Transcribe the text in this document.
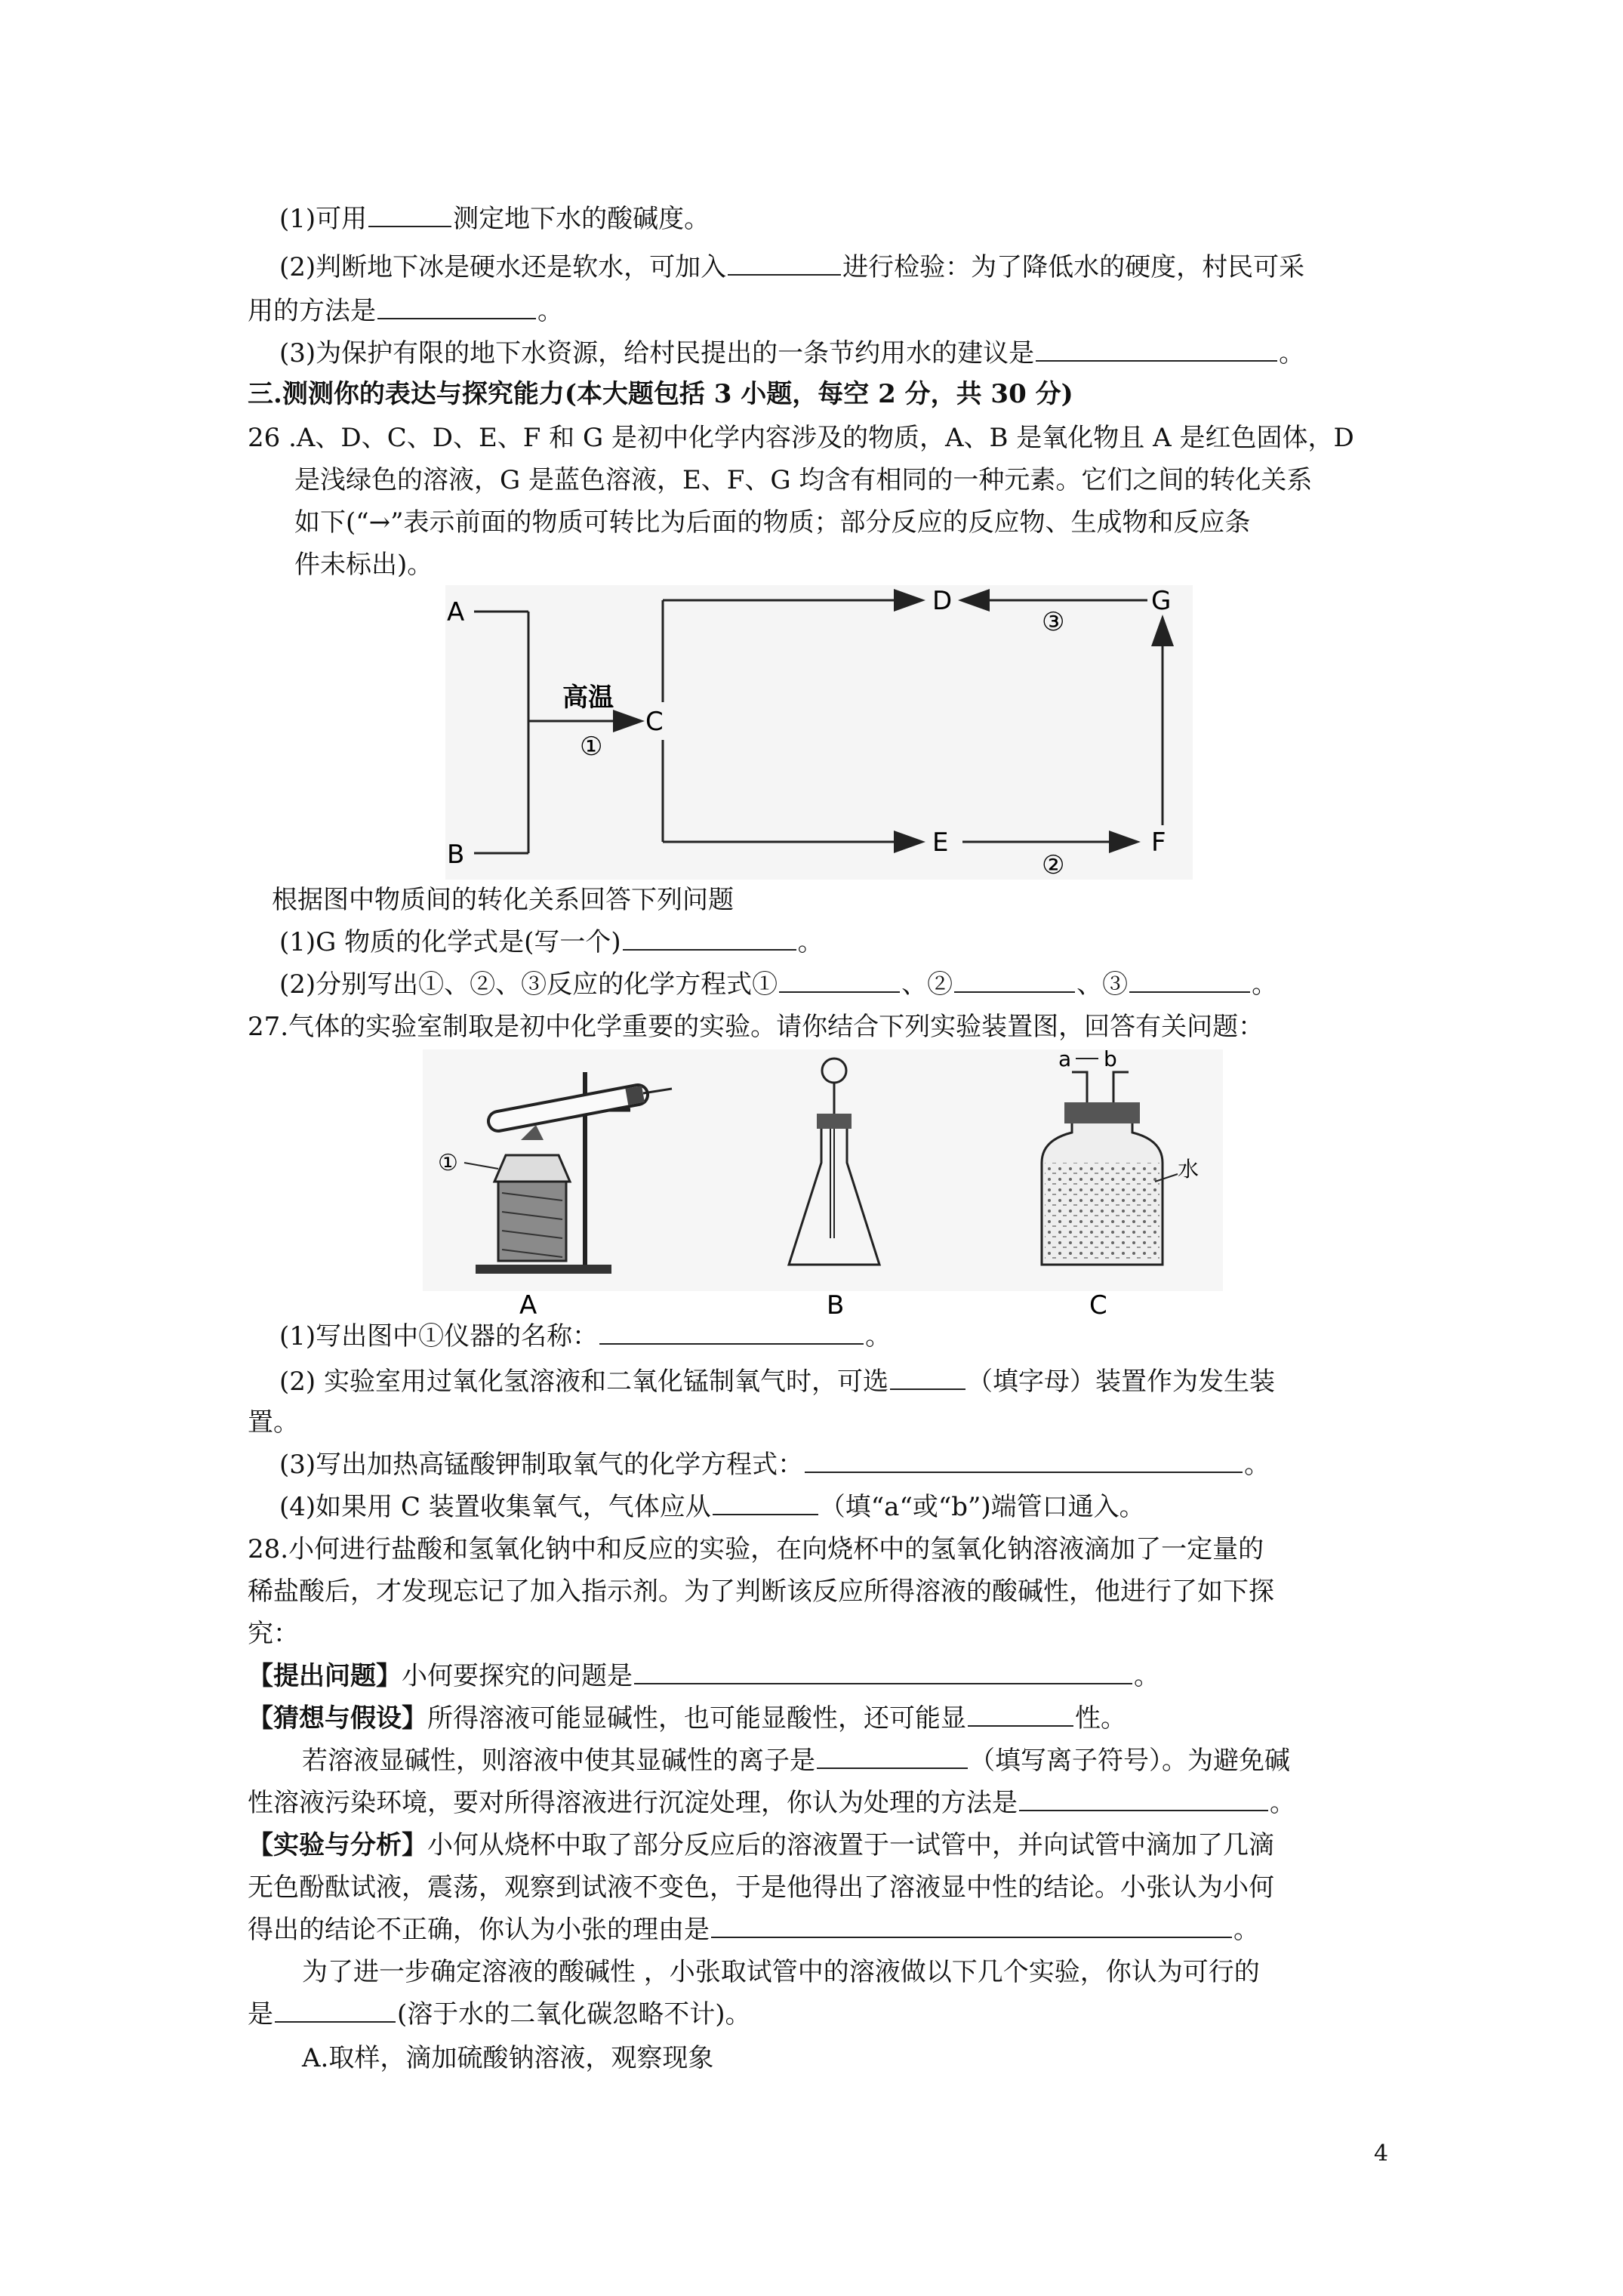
(1)可用	测定地下水的酸碱度。
(2)判断地下冰是硬水还是软水，可加入	进行检验：为了降低水的硬度，村民可采
用的方法是	。
(3)为保护有限的地下水资源，给村民提出的一条节约用水的建议是	。
三.测测你的表达与探究能力(本大题包括 3 小题，每空 2 分，共 30 分)
26 .A、D、C、D、E、F 和 G 是初中化学内容涉及的物质，A、B 是氧化物且 A 是红色固体，D
是浅绿色的溶液，G 是蓝色溶液，E、F、G 均含有相同的一种元素。它们之间的转化关系
如下(“→”表示前面的物质可转比为后面的物质；部分反应的反应物、生成物和反应条
件未标出)。
A
B
C
D
E	F
G
高温
①
②
③
根据图中物质间的转化关系回答下列问题
(1)G 物质的化学式是(写一个)	。
(2)分别写出①、②、③反应的化学方程式①	、②	、③	。
27.气体的实验室制取是初中化学重要的实验。请你结合下列实验装置图，回答有关问题：
①
a b
水
A	B	C
(1)写出图中①仪器的名称：	。
(2) 实验室用过氧化氢溶液和二氧化锰制氧气时，可选	（填字母）装置作为发生装
置。
(3)写出加热高锰酸钾制取氧气的化学方程式：	。
(4)如果用 C 装置收集氧气，气体应从	（填“a“或“b”)端管口通入。
28.小何进行盐酸和氢氧化钠中和反应的实验，在向烧杯中的氢氧化钠溶液滴加了一定量的
稀盐酸后，才发现忘记了加入指示剂。为了判断该反应所得溶液的酸碱性，他进行了如下探
究：
【提出问题】小何要探究的问题是	。
【猜想与假设】所得溶液可能显碱性，也可能显酸性，还可能显	性。
若溶液显碱性，则溶液中使其显碱性的离子是	（填写离子符号）。为避免碱
性溶液污染环境，要对所得溶液进行沉淀处理，你认为处理的方法是	。
【实验与分析】小何从烧杯中取了部分反应后的溶液置于一试管中，并向试管中滴加了几滴
无色酚酞试液，震荡，观察到试液不变色，于是他得出了溶液显中性的结论。小张认为小何
得出的结论不正确，你认为小张的理由是	。
为了进一步确定溶液的酸碱性 ，小张取试管中的溶液做以下几个实验，你认为可行的
是	(溶于水的二氧化碳忽略不计)。
A.取样，滴加硫酸钠溶液，观察现象
4
